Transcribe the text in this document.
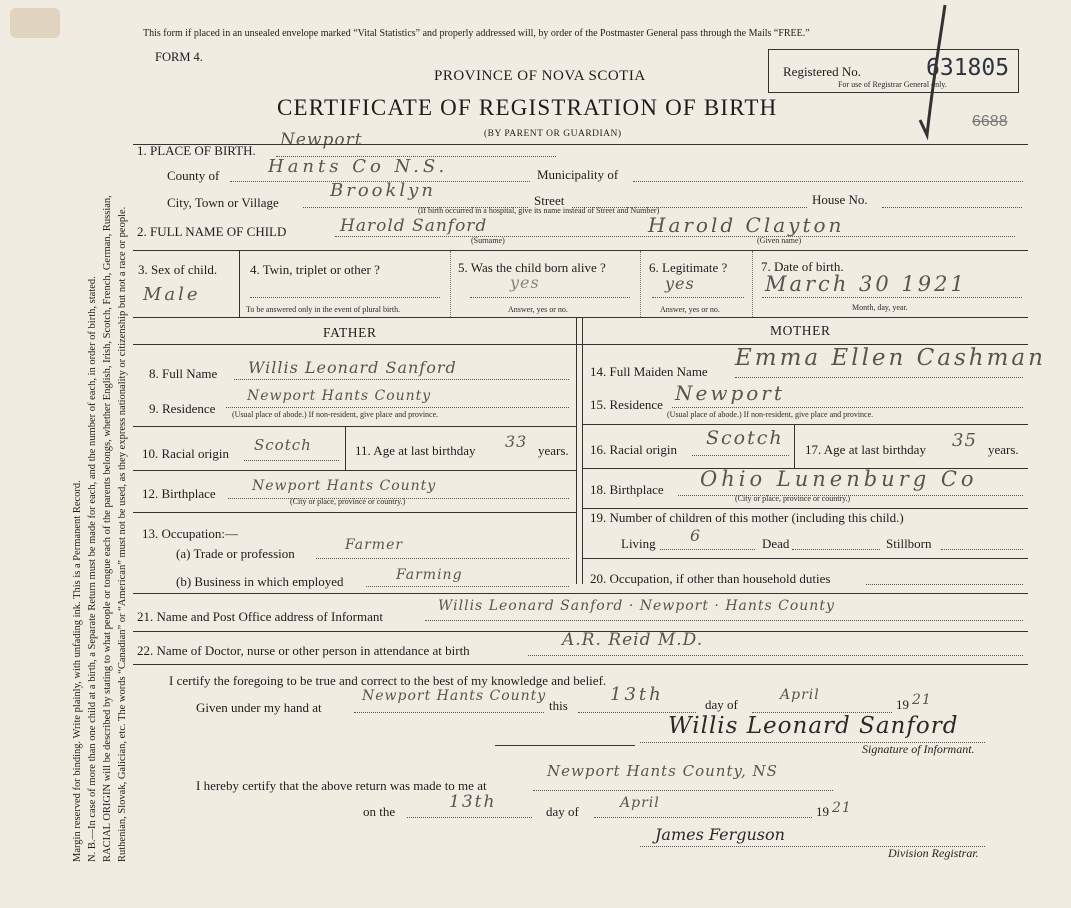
Margin reserved for binding. Write plainly, with unfading ink. This is a Permanent Record. N. B.—In case of more than one child at a birth, a Separate Return must be made for each, and the number of each, in order of birth, stated. RACIAL ORIGIN will be described by stating to what people or tongue each of the parents belongs, whether English, Irish, Scotch, French, German, Russian, Ruthenian, Slovak, Galician, etc. The words “Canadian” or “American” must not be used, as they express nationality or citizenship but not a race or people.
This form if placed in an unsealed envelope marked “Vital Statistics” and properly addressed will, by order of the Postmaster General pass through the Mails “FREE.”
FORM 4.
PROVINCE OF NOVA SCOTIA
CERTIFICATE OF REGISTRATION OF BIRTH
(BY PARENT OR GUARDIAN)
Registered No.	631805
For use of Registrar General only.
6688
1. PLACE OF BIRTH.
Newport
County of	Hants Co N.S.	Municipality of
City, Town or Village
Brooklyn	Street	House No.
(If birth occurred in a hospital, give its name instead of Street and Number)
2. FULL NAME OF CHILD	Harold Sanford
(Surname)
Harold Clayton
(Given name)
3. Sex of child.
Male
4. Twin, triplet or other ?
To be answered only in the event of plural birth.
5. Was the child born alive ?
yes
Answer, yes or no.
6. Legitimate ?
yes
Answer, yes or no.
7. Date of birth.
March 30 1921
Month, day, year.
FATHER	MOTHER
8. Full Name Willis Leonard Sanford
9. Residence
Newport Hants County
(Usual place of abode.) If non-resident, give place and province.
10. Racial origin Scotch	11. Age at last birthday 33 years.
12. Birthplace	Newport Hants County
(City or place, province or country.)
13. Occupation:—
(a) Trade or profession
Farmer
(b) Business in which employed	Farming
14. Full Maiden Name
Emma Ellen Cashman
15. Residence Newport
(Usual place of abode.) If non-resident, give place and province.
16. Racial origin
Scotch
17. Age at last birthday 35 years.
18. Birthplace Ohio Lunenburg Co
(City or place, province or country.)
19. Number of children of this mother (including this child.)
Living 6	Dead	Stillborn
20. Occupation, if other than household duties
21. Name and Post Office address of Informant
Willis Leonard Sanford · Newport · Hants County
22. Name of Doctor, nurse or other person in attendance at birth
A.R. Reid M.D.
I certify the foregoing to be true and correct to the best of my knowledge and belief.
Given under my hand at
Newport Hants County
this
13th	day of
April
19 21
Willis Leonard Sanford
Signature of Informant.
I hereby certify that the above return was made to me at
Newport Hants County, NS
on the	13th	day of
April
19 21
James Ferguson
Division Registrar.
